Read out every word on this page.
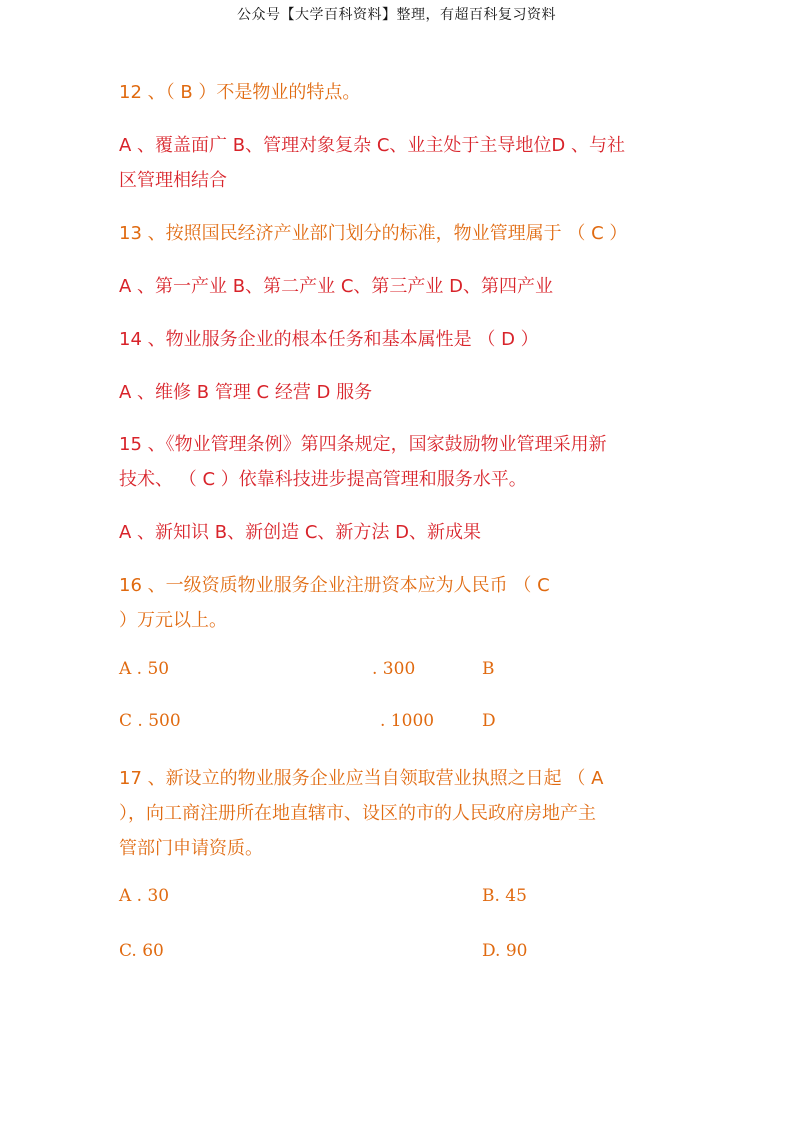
公众号【大学百科资料】整理，有超百科复习资料
12 、（ B ）不是物业的特点。
A 、覆盖面广 B、管理对象复杂 C、业主处于主导地位D 、与社
区管理相结合
13 、按照国民经济产业部门划分的标准，物业管理属于 （ C ）
A 、第一产业 B、第二产业 C、第三产业 D、第四产业
14 、物业服务企业的根本任务和基本属性是 （ D ）
A 、维修 B 管理 C 经营 D 服务
15 、《物业管理条例》第四条规定，国家鼓励物业管理采用新
技术、 （ C ）依靠科技进步提高管理和服务水平。
A 、新知识 B、新创造 C、新方法 D、新成果
16 、一级资质物业服务企业注册资本应为人民币 （ C
）万元以上。
A . 50	. 300	B
C . 500	. 1000	D
17 、新设立的物业服务企业应当自领取营业执照之日起 （ A
），向工商注册所在地直辖市、设区的市的人民政府房地产主
管部门申请资质。
A . 30	B. 45
C. 60	D. 90
